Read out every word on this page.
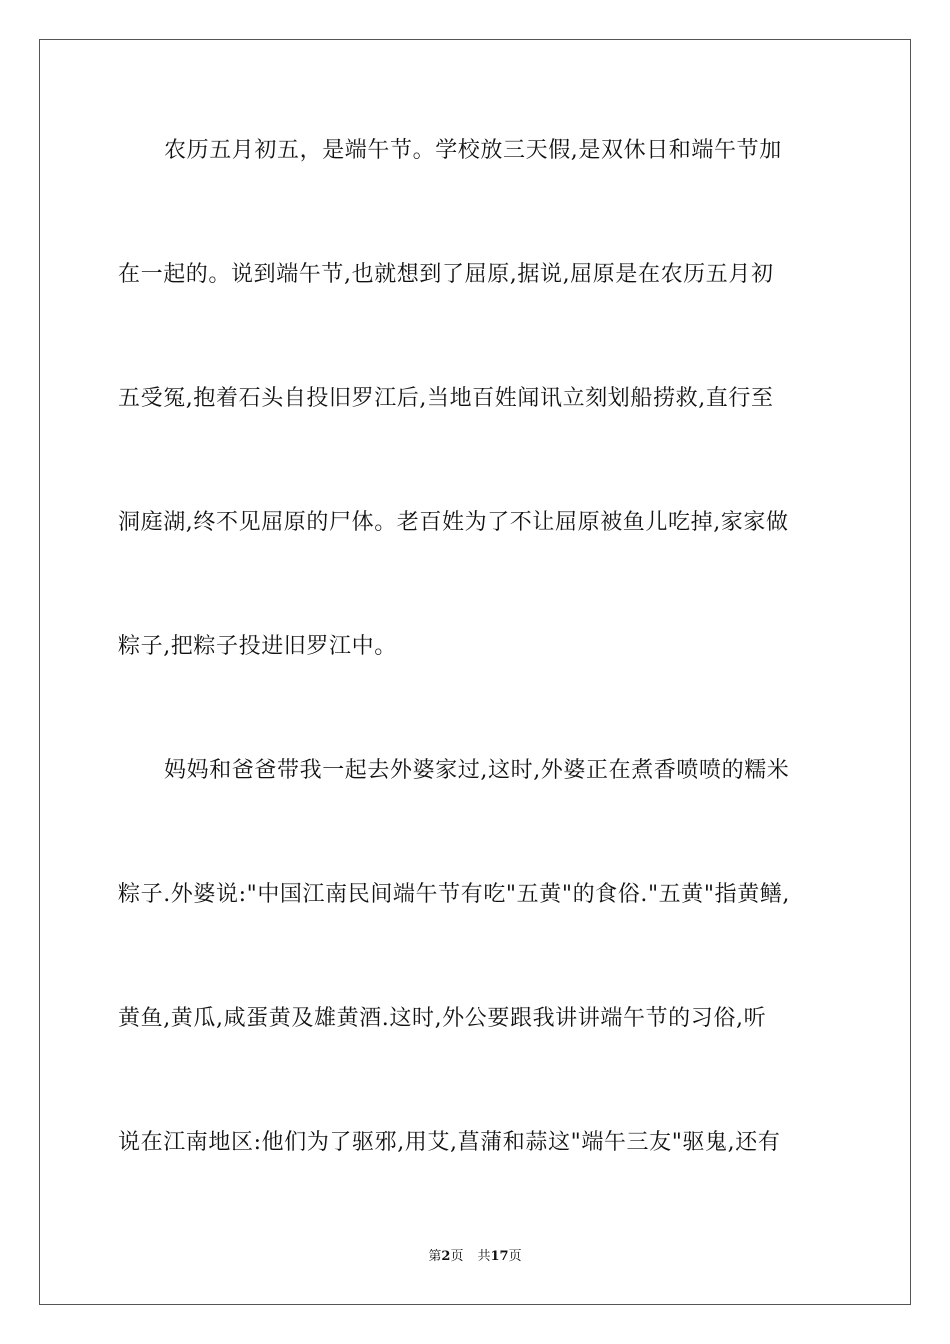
农历五月初五，是端午节。学校放三天假,是双休日和端午节加
在一起的。说到端午节,也就想到了屈原,据说,屈原是在农历五月初
五受冤,抱着石头自投旧罗江后,当地百姓闻讯立刻划船捞救,直行至
洞庭湖,终不见屈原的尸体。老百姓为了不让屈原被鱼儿吃掉,家家做
粽子,把粽子投进旧罗江中。
妈妈和爸爸带我一起去外婆家过,这时,外婆正在煮香喷喷的糯米
粽子.外婆说:"中国江南民间端午节有吃"五黄"的食俗."五黄"指黄鳝,
黄鱼,黄瓜,咸蛋黄及雄黄酒.这时,外公要跟我讲讲端午节的习俗,听
说在江南地区:他们为了驱邪,用艾,菖蒲和蒜这"端午三友"驱鬼,还有
第2页 共17页
